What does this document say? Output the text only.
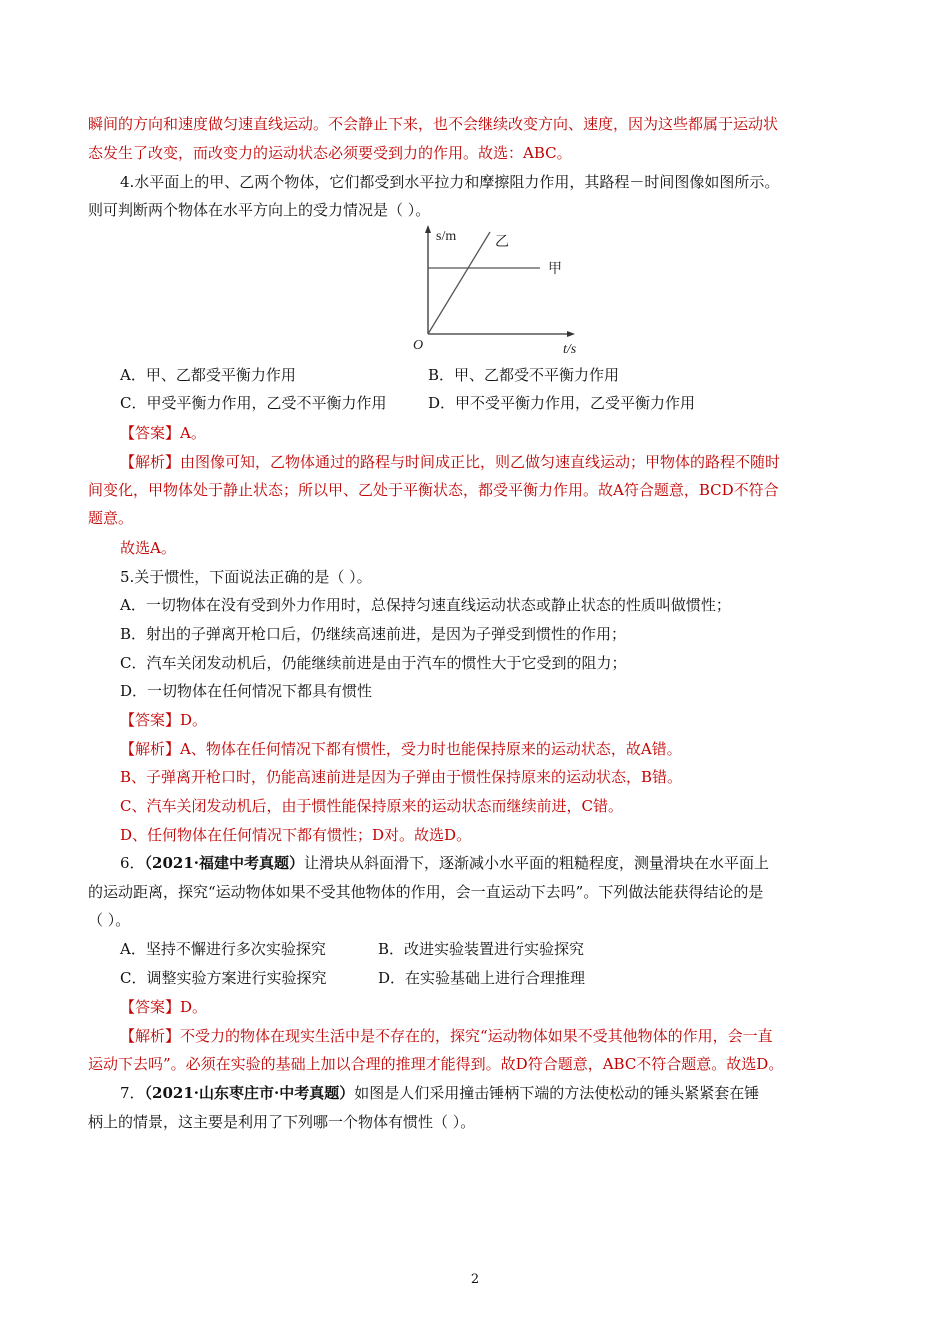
瞬间的方向和速度做匀速直线运动。不会静止下来，也不会继续改变方向、速度，因为这些都属于运动状
态发生了改变，而改变力的运动状态必须要受到力的作用。故选：ABC。
4.水平面上的甲、乙两个物体，它们都受到水平拉力和摩擦阻力作用，其路程－时间图像如图所示。
则可判断两个物体在水平方向上的受力情况是（ ）。
s/m
t/s
O
乙
甲
A．甲、乙都受平衡力作用	B．甲、乙都受不平衡力作用
C．甲受平衡力作用，乙受不平衡力作用	D．甲不受平衡力作用，乙受平衡力作用
【答案】A。
【解析】由图像可知，乙物体通过的路程与时间成正比，则乙做匀速直线运动；甲物体的路程不随时
间变化，甲物体处于静止状态；所以甲、乙处于平衡状态，都受平衡力作用。故A符合题意，BCD不符合
题意。
故选A。
5.关于惯性，下面说法正确的是（ ）。
A．一切物体在没有受到外力作用时，总保持匀速直线运动状态或静止状态的性质叫做惯性；
B．射出的子弹离开枪口后，仍继续高速前进，是因为子弹受到惯性的作用；
C．汽车关闭发动机后，仍能继续前进是由于汽车的惯性大于它受到的阻力；
D．一切物体在任何情况下都具有惯性
【答案】D。
【解析】A、物体在任何情况下都有惯性，受力时也能保持原来的运动状态，故A错。
B、子弹离开枪口时，仍能高速前进是因为子弹由于惯性保持原来的运动状态，B错。
C、汽车关闭发动机后，由于惯性能保持原来的运动状态而继续前进，C错。
D、任何物体在任何情况下都有惯性；D对。故选D。
6．（2021·福建中考真题）让滑块从斜面滑下，逐渐减小水平面的粗糙程度，测量滑块在水平面上
的运动距离，探究“运动物体如果不受其他物体的作用，会一直运动下去吗”。下列做法能获得结论的是
（ ）。
A．坚持不懈进行多次实验探究	B．改进实验装置进行实验探究
C．调整实验方案进行实验探究	D．在实验基础上进行合理推理
【答案】D。
【解析】不受力的物体在现实生活中是不存在的，探究“运动物体如果不受其他物体的作用，会一直
运动下去吗”。必须在实验的基础上加以合理的推理才能得到。故D符合题意，ABC不符合题意。故选D。
7．（2021·山东枣庄市·中考真题）如图是人们采用撞击锤柄下端的方法使松动的锤头紧紧套在锤
柄上的情景，这主要是利用了下列哪一个物体有惯性（ ）。
2
